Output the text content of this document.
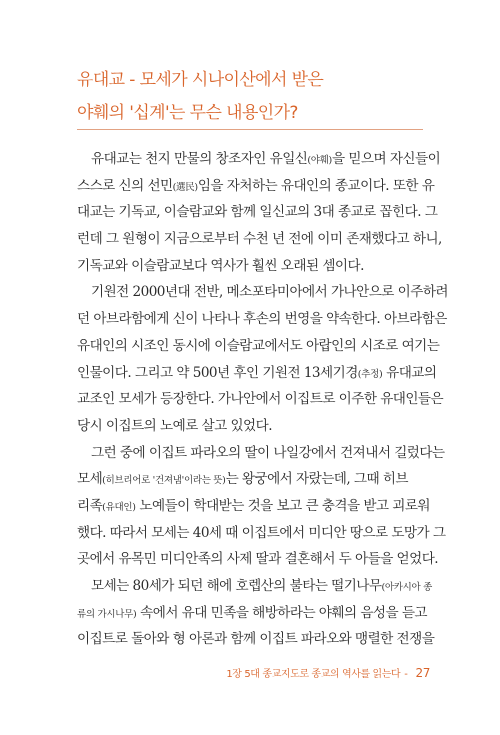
유대교 - 모세가 시나이산에서 받은
야훼의 '십계'는 무슨 내용인가?
유대교는 천지 만물의 창조자인 유일신(야훼)을 믿으며 자신들이
스스로 신의 선민(選民)임을 자처하는 유대인의 종교이다. 또한 유
대교는 기독교, 이슬람교와 함께 일신교의 3대 종교로 꼽힌다. 그
런데 그 원형이 지금으로부터 수천 년 전에 이미 존재했다고 하니,
기독교와 이슬람교보다 역사가 훨씬 오래된 셈이다.
기원전 2000년대 전반, 메소포타미아에서 가나안으로 이주하려
던 아브라함에게 신이 나타나 후손의 번영을 약속한다. 아브라함은
유대인의 시조인 동시에 이슬람교에서도 아랍인의 시조로 여기는
인물이다. 그리고 약 500년 후인 기원전 13세기경(추정) 유대교의
교조인 모세가 등장한다. 가나안에서 이집트로 이주한 유대인들은
당시 이집트의 노예로 살고 있었다.
그런 중에 이집트 파라오의 딸이 나일강에서 건져내서 길렀다는
모세(히브리어로 '건져냄'이라는 뜻)는 왕궁에서 자랐는데, 그때 히브
리족(유대인) 노예들이 학대받는 것을 보고 큰 충격을 받고 괴로워
했다. 따라서 모세는 40세 때 이집트에서 미디안 땅으로 도망가 그
곳에서 유목민 미디안족의 사제 딸과 결혼해서 두 아들을 얻었다.
모세는 80세가 되던 해에 호렙산의 불타는 떨기나무(아카시아 종
류의 가시나무) 속에서 유대 민족을 해방하라는 야훼의 음성을 듣고
이집트로 돌아와 형 아론과 함께 이집트 파라오와 맹렬한 전쟁을
1장 5대 종교지도로 종교의 역사를 읽는다 - 27
